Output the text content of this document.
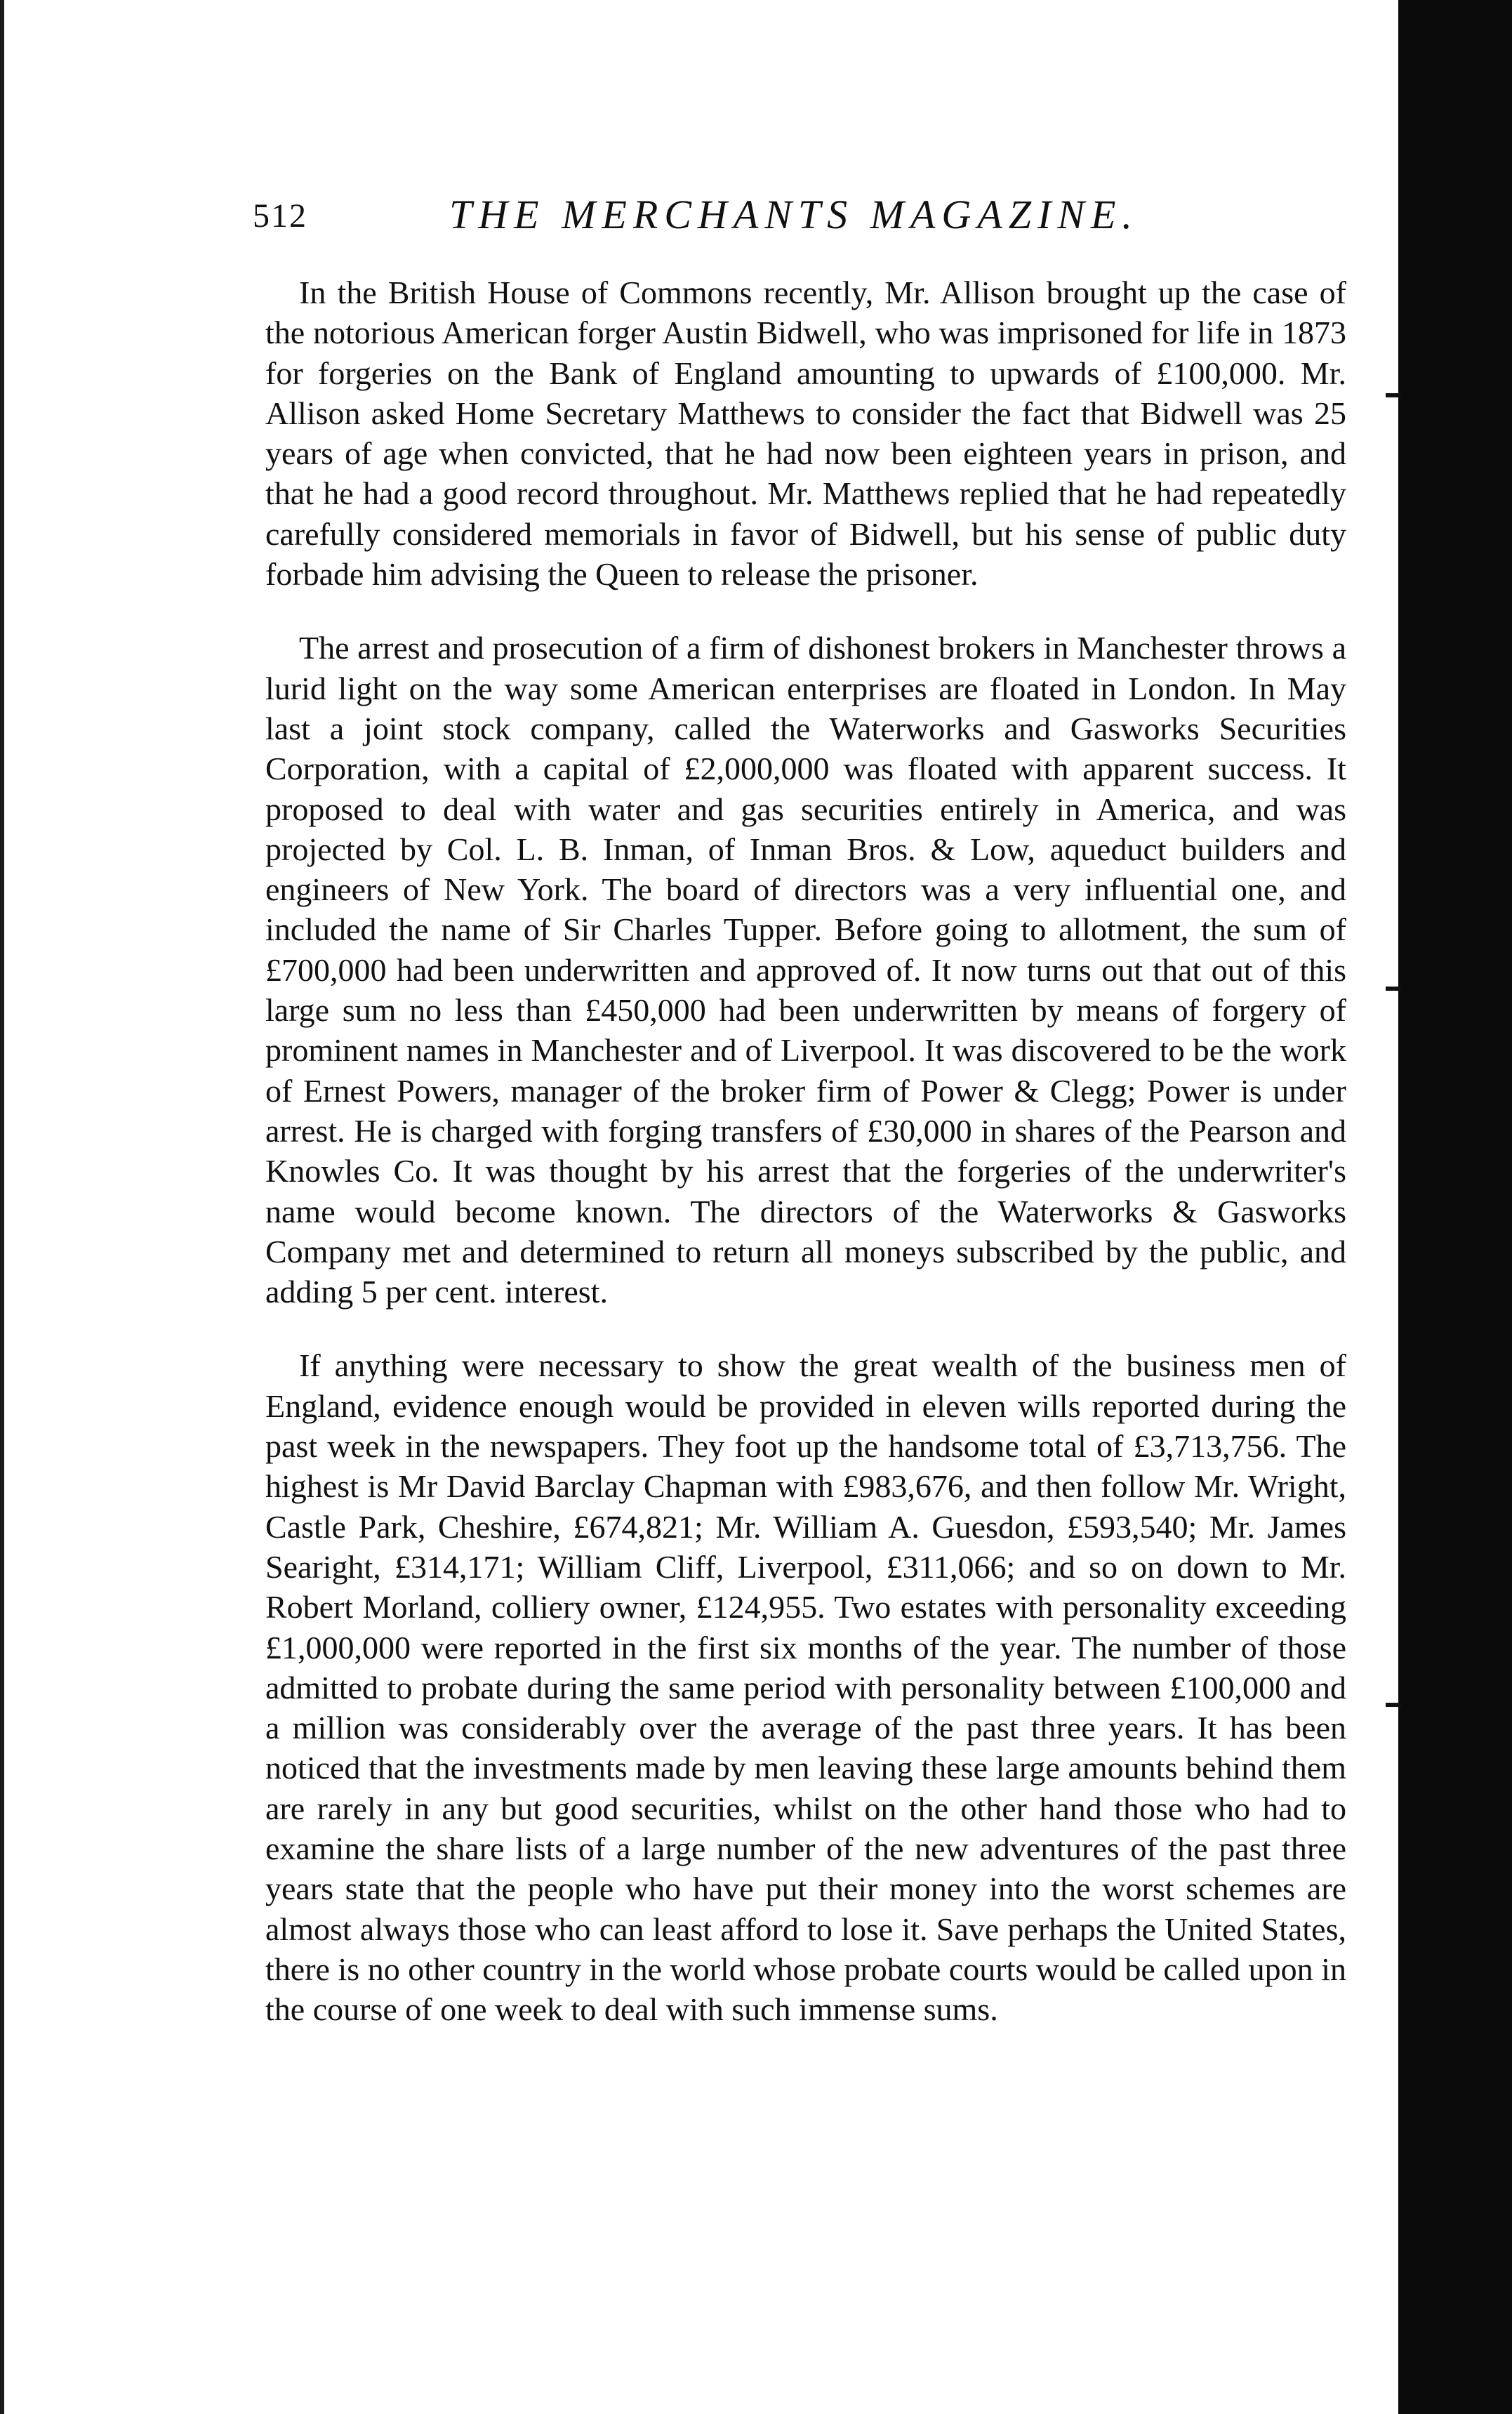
512	THE MERCHANTS MAGAZINE.

In the British House of Commons recently, Mr. Allison brought up the case of the notorious American forger Austin Bidwell, who was imprisoned for life in 1873 for forgeries on the Bank of England amounting to upwards of £100,000. Mr. Allison asked Home Secretary Matthews to consider the fact that Bidwell was 25 years of age when convicted, that he had now been eighteen years in prison, and that he had a good record throughout. Mr. Matthews replied that he had repeatedly carefully considered memorials in favor of Bidwell, but his sense of public duty forbade him advising the Queen to release the prisoner.

The arrest and prosecution of a firm of dishonest brokers in Manchester throws a lurid light on the way some American enterprises are floated in London. In May last a joint stock company, called the Waterworks and Gasworks Securities Corporation, with a capital of £2,000,000 was floated with apparent success. It proposed to deal with water and gas securities entirely in America, and was projected by Col. L. B. Inman, of Inman Bros. & Low, aqueduct builders and engineers of New York. The board of directors was a very influential one, and included the name of Sir Charles Tupper. Before going to allotment, the sum of £700,000 had been underwritten and approved of. It now turns out that out of this large sum no less than £450,000 had been underwritten by means of forgery of prominent names in Manchester and of Liverpool. It was discovered to be the work of Ernest Powers, manager of the broker firm of Power & Clegg; Power is under arrest. He is charged with forging transfers of £30,000 in shares of the Pearson and Knowles Co. It was thought by his arrest that the forgeries of the underwriter's name would become known. The directors of the Waterworks & Gasworks Company met and determined to return all moneys subscribed by the public, and adding 5 per cent. interest.

If anything were necessary to show the great wealth of the business men of England, evidence enough would be provided in eleven wills reported during the past week in the newspapers. They foot up the handsome total of £3,713,756. The highest is Mr David Barclay Chapman with £983,676, and then follow Mr. Wright, Castle Park, Cheshire, £674,821; Mr. William A. Guesdon, £593,540; Mr. James Searight, £314,171; William Cliff, Liverpool, £311,066; and so on down to Mr. Robert Morland, colliery owner, £124,955. Two estates with personality exceeding £1,000,000 were reported in the first six months of the year. The number of those admitted to probate during the same period with personality between £100,000 and a million was considerably over the average of the past three years. It has been noticed that the investments made by men leaving these large amounts behind them are rarely in any but good securities, whilst on the other hand those who had to examine the share lists of a large number of the new adventures of the past three years state that the people who have put their money into the worst schemes are almost always those who can least afford to lose it. Save perhaps the United States, there is no other country in the world whose probate courts would be called upon in the course of one week to deal with such immense sums.
